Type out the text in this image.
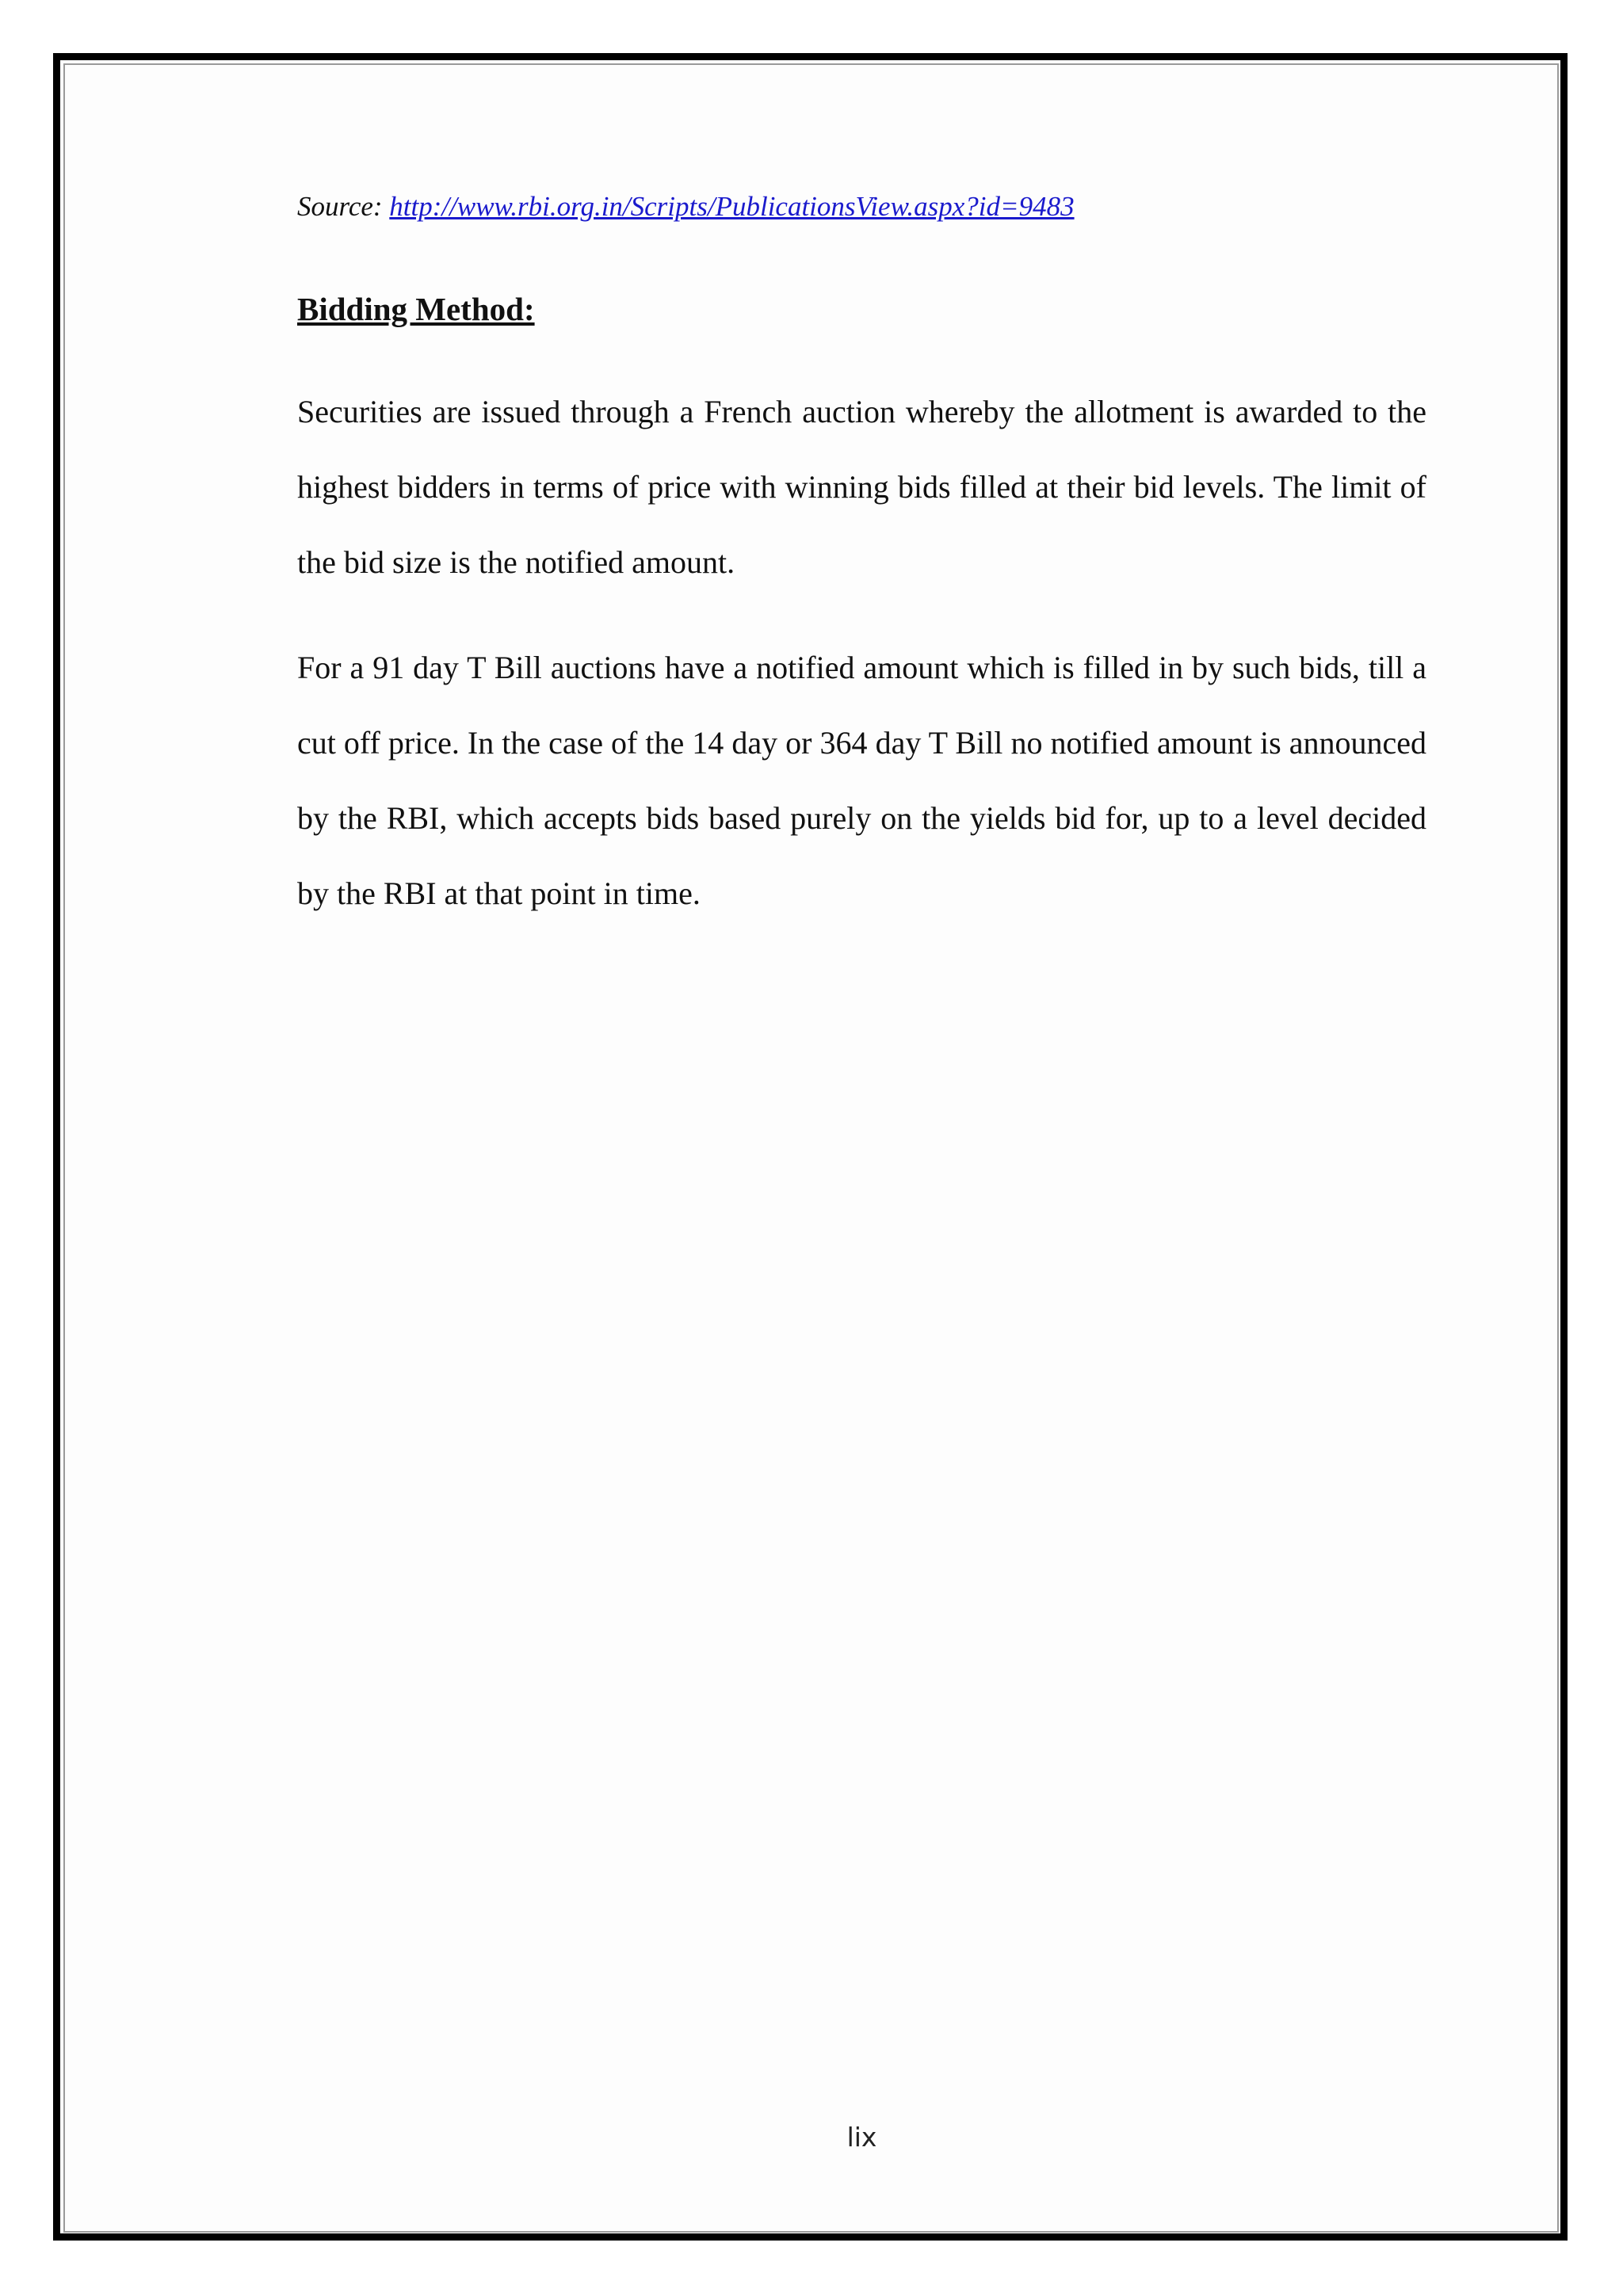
Source: http://www.rbi.org.in/Scripts/PublicationsView.aspx?id=9483

Bidding Method:

Securities are issued through a French auction whereby the allotment is awarded to the highest bidders in terms of price with winning bids filled at their bid levels. The limit of the bid size is the notified amount.

For a 91 day T Bill auctions have a notified amount which is filled in by such bids, till a cut off price. In the case of the 14 day or 364 day T Bill no notified amount is announced by the RBI, which accepts bids based purely on the yields bid for, up to a level decided by the RBI at that point in time.

lix
